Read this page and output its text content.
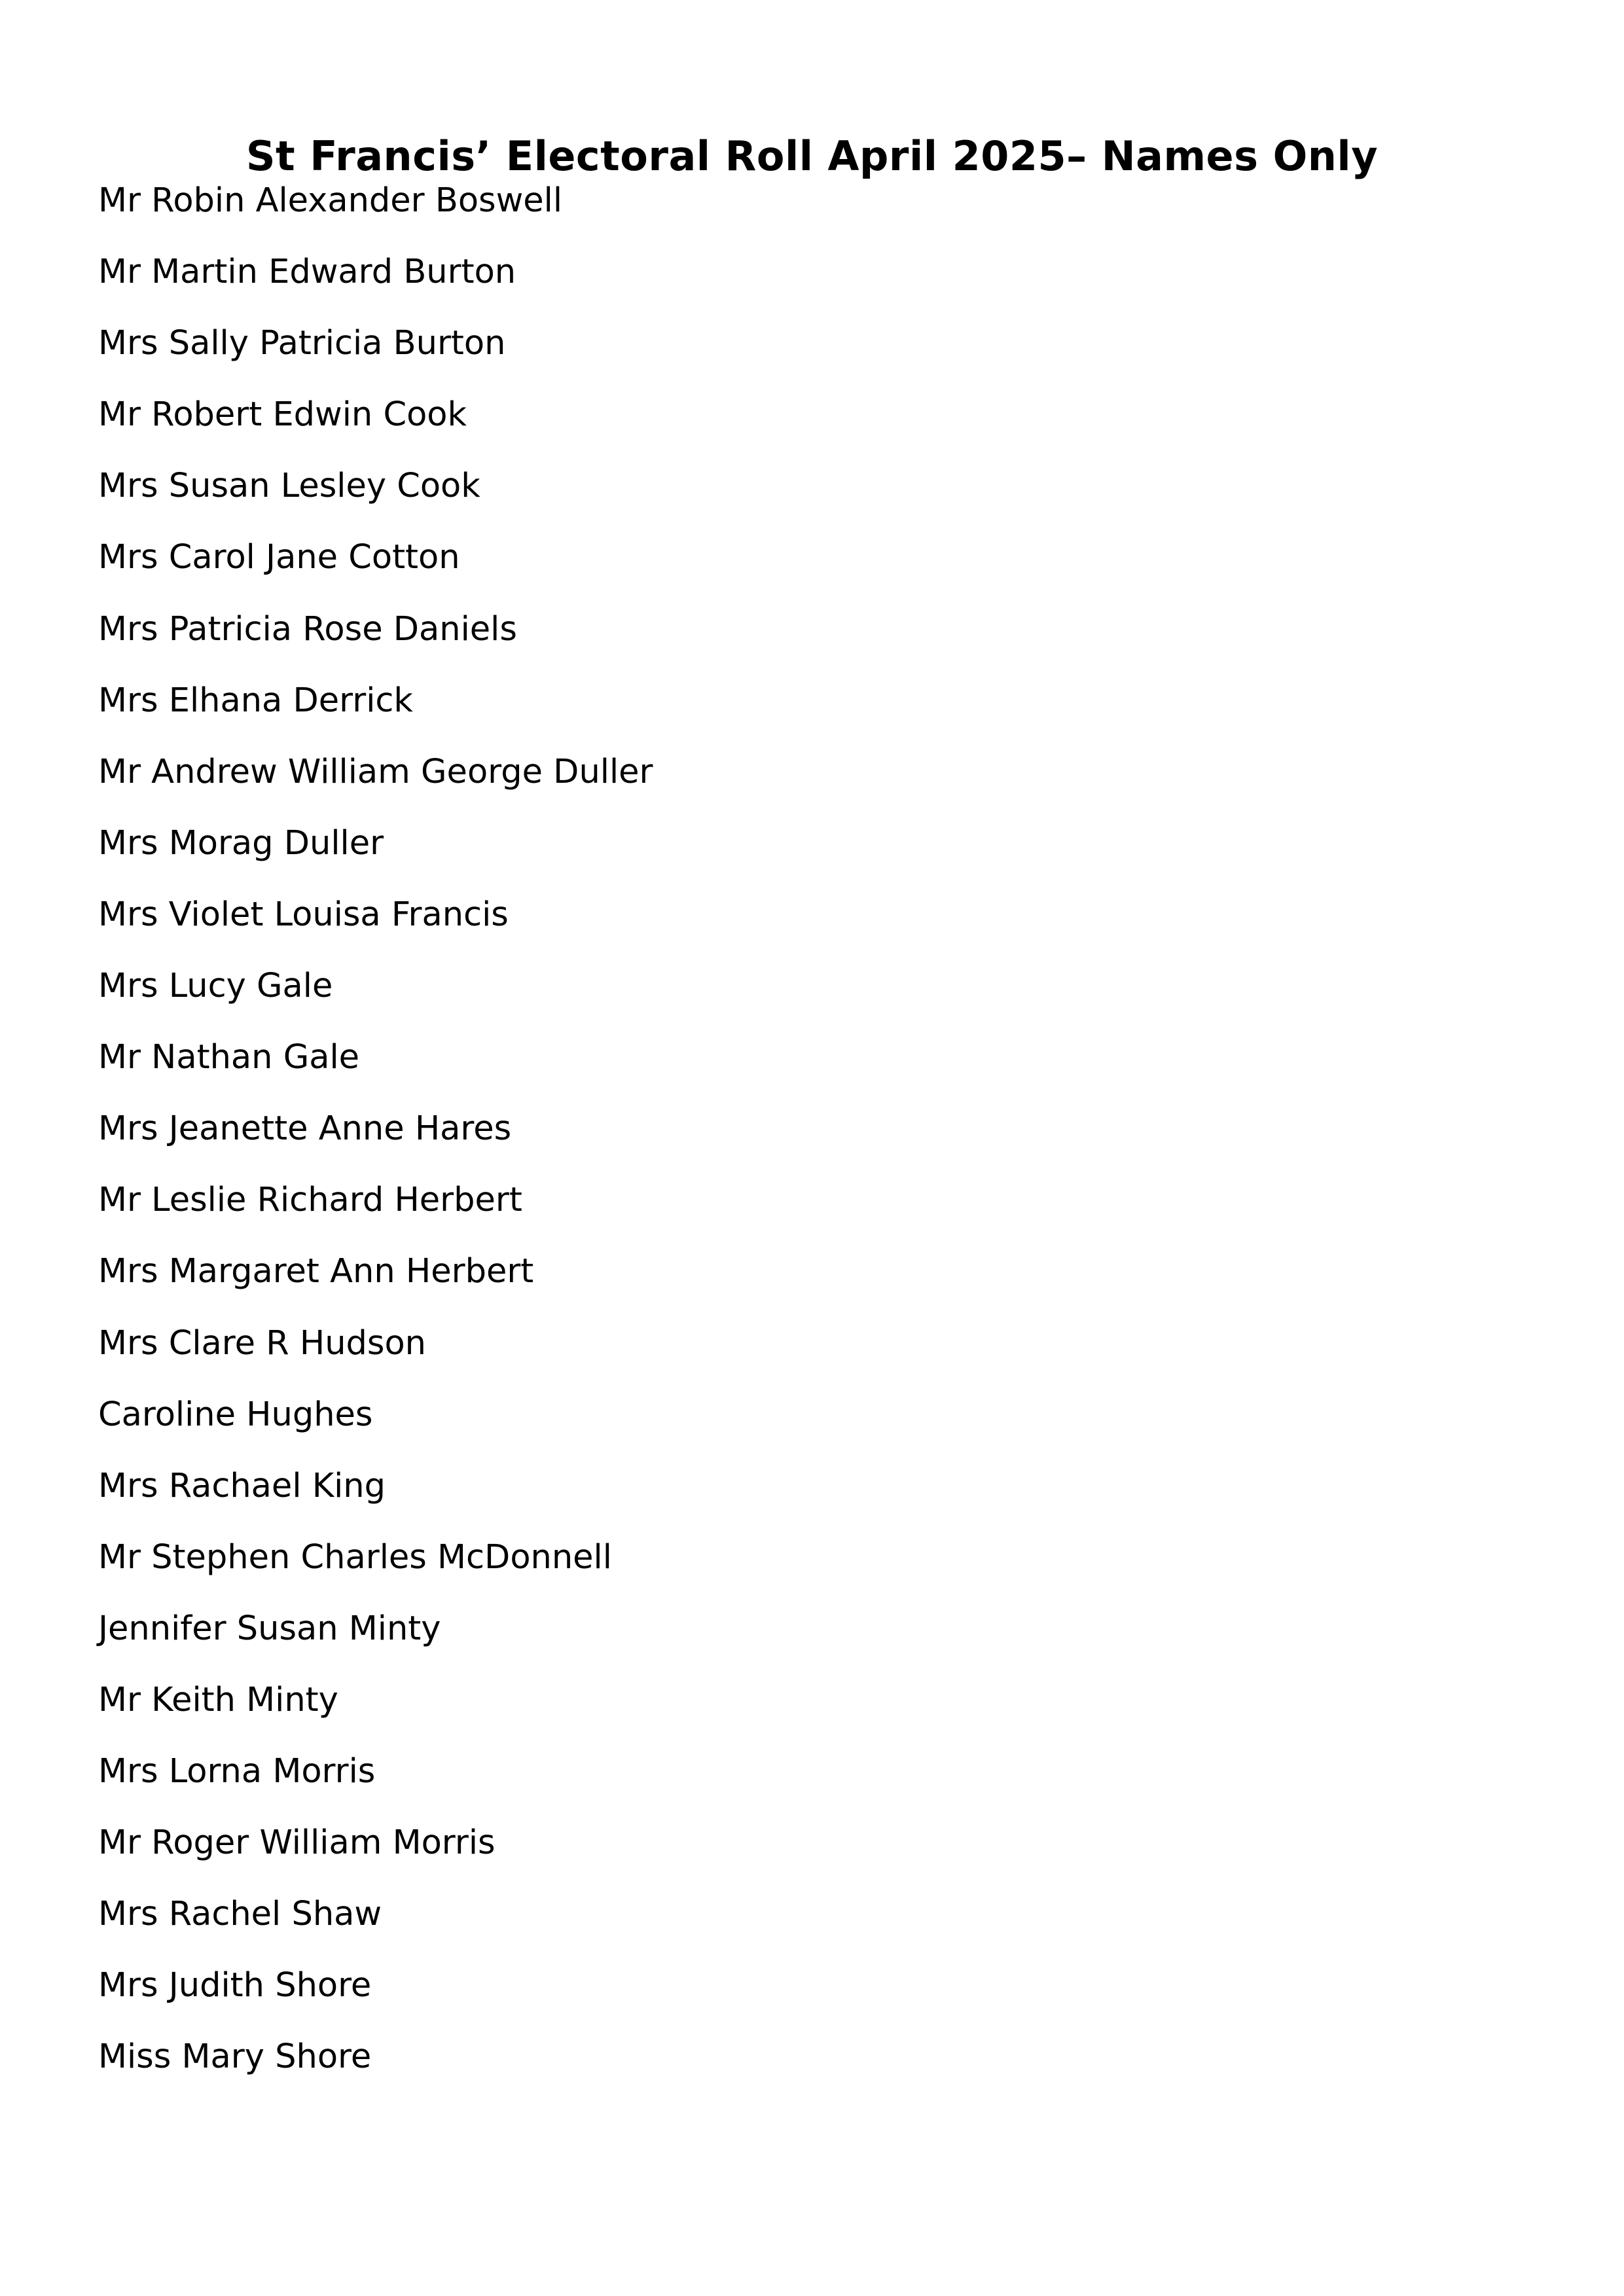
St Francis’ Electoral Roll April 2025– Names Only
Mr Robin Alexander Boswell
Mr Martin Edward Burton
Mrs Sally Patricia Burton
Mr Robert Edwin Cook
Mrs Susan Lesley Cook
Mrs Carol Jane Cotton
Mrs Patricia Rose Daniels
Mrs Elhana Derrick
Mr Andrew William George Duller
Mrs Morag Duller
Mrs Violet Louisa Francis
Mrs Lucy Gale
Mr Nathan Gale
Mrs Jeanette Anne Hares
Mr Leslie Richard Herbert
Mrs Margaret Ann Herbert
Mrs Clare R Hudson
Caroline Hughes
Mrs Rachael King
Mr Stephen Charles McDonnell
Jennifer Susan Minty
Mr Keith Minty
Mrs Lorna Morris
Mr Roger William Morris
Mrs Rachel Shaw
Mrs Judith Shore
Miss Mary Shore
